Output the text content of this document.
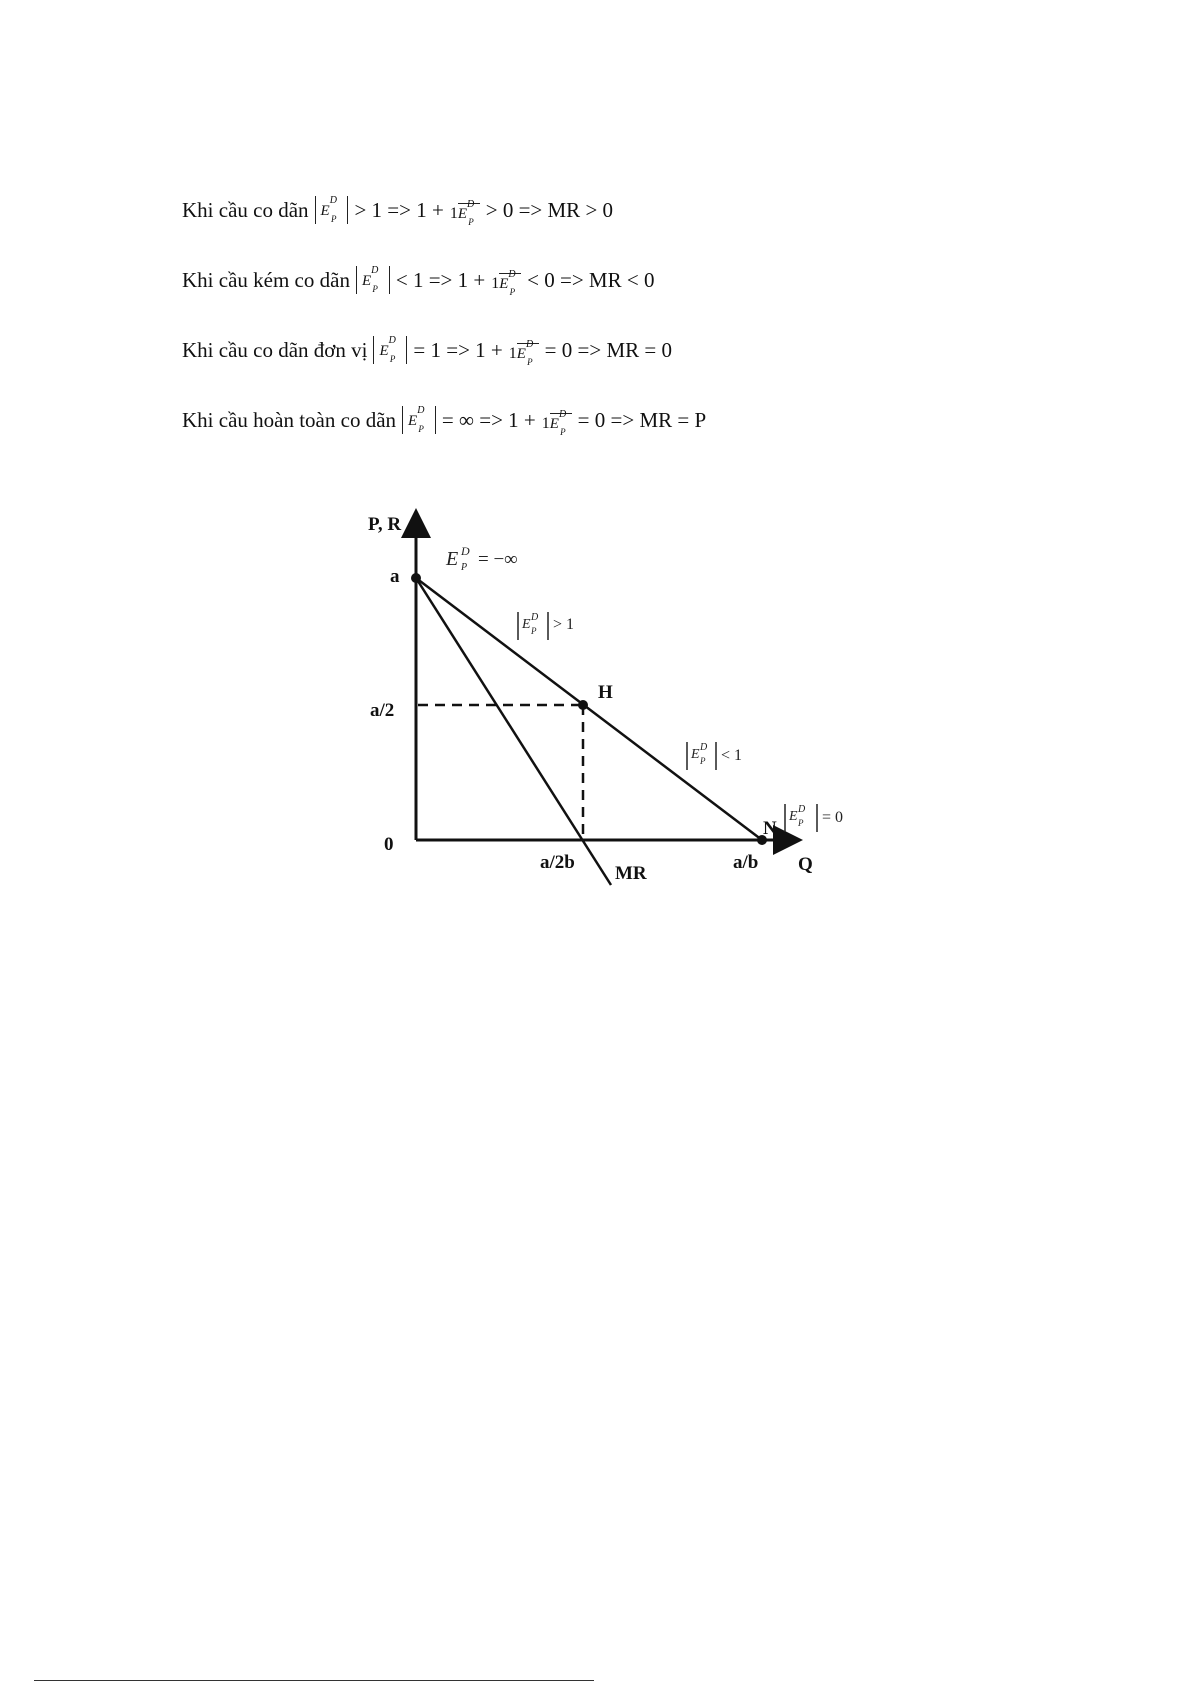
Khi cầu co dãn $E^D_P > 1 => 1 + 1E^D_P > 0$ => MR > 0
Khi cầu kém co dãn $E^D_P < 1 => 1 + 1E^D_P < 0$ => MR < 0
Khi cầu co dãn đơn vị $E^D_P = 1 => 1 + 1E^D_P = 0$ => MR = 0
Khi cầu hoàn toàn co dãn $E^D_P$ = ∞ => $1 + 1E^D_P = 0$ => MR = P
P, R
Q
0
a
a/2
a/2b	a/b
H
N
MR
E D
P = −∞
E D
P > 1
E D
P < 1
E D
P = 0
